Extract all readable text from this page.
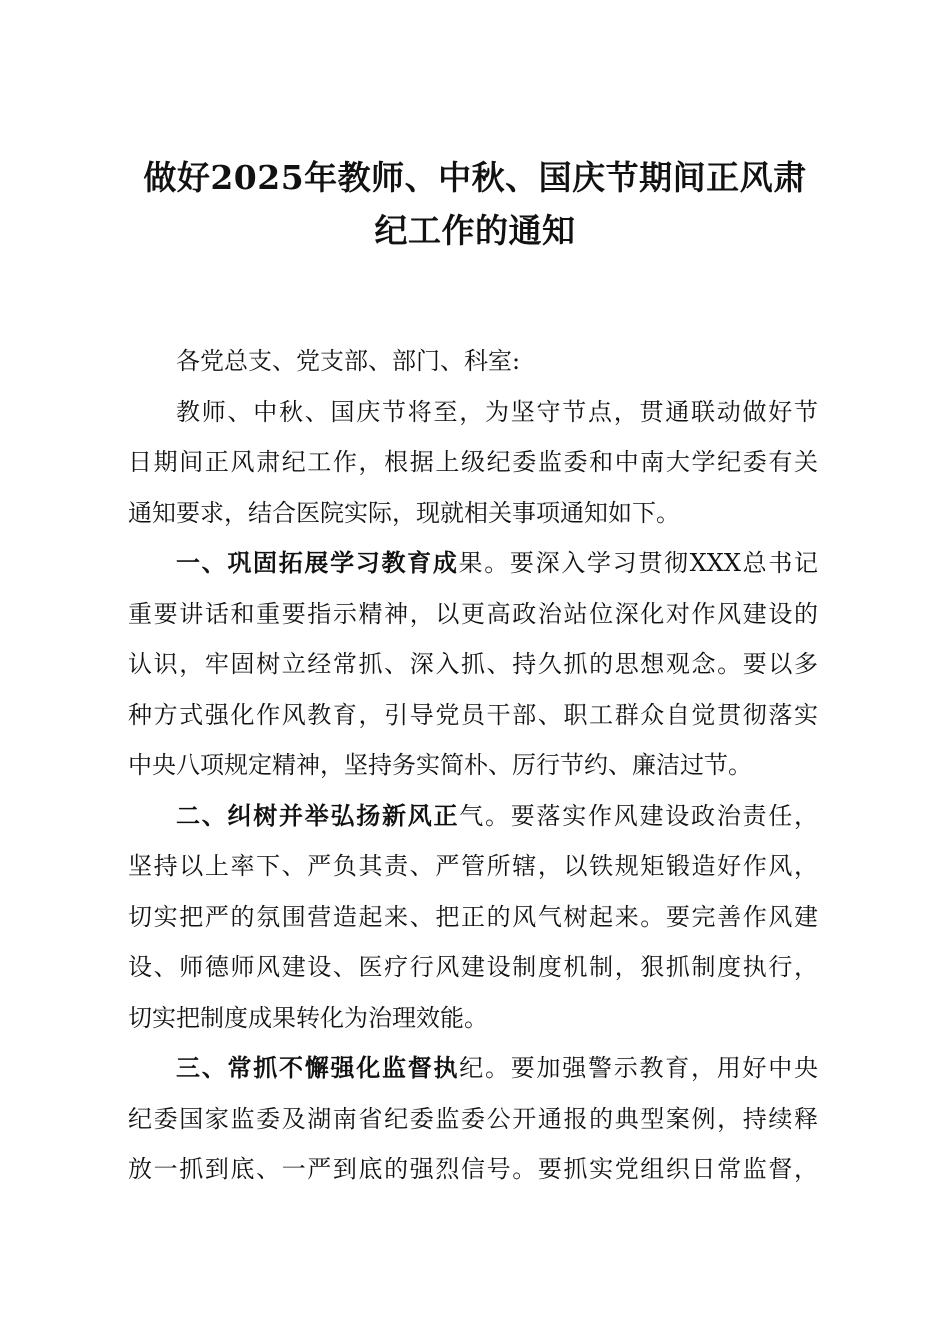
做好2025年教师、中秋、国庆节期间正风肃
纪工作的通知

各党总支、党支部、部门、科室:

教师、中秋、国庆节将至，为坚守节点，贯通联动做好节
日期间正风肃纪工作，根据上级纪委监委和中南大学纪委有关
通知要求，结合医院实际，现就相关事项通知如下。

一、巩固拓展学习教育成果。要深入学习贯彻XXX总书记
重要讲话和重要指示精神，以更高政治站位深化对作风建设的
认识，牢固树立经常抓、深入抓、持久抓的思想观念。要以多
种方式强化作风教育，引导党员干部、职工群众自觉贯彻落实
中央八项规定精神，坚持务实简朴、厉行节约、廉洁过节。

二、纠树并举弘扬新风正气。要落实作风建设政治责任，
坚持以上率下、严负其责、严管所辖，以铁规矩锻造好作风，
切实把严的氛围营造起来、把正的风气树起来。要完善作风建
设、师德师风建设、医疗行风建设制度机制，狠抓制度执行，
切实把制度成果转化为治理效能。

三、常抓不懈强化监督执纪。要加强警示教育，用好中央
纪委国家监委及湖南省纪委监委公开通报的典型案例，持续释
放一抓到底、一严到底的强烈信号。要抓实党组织日常监督，
